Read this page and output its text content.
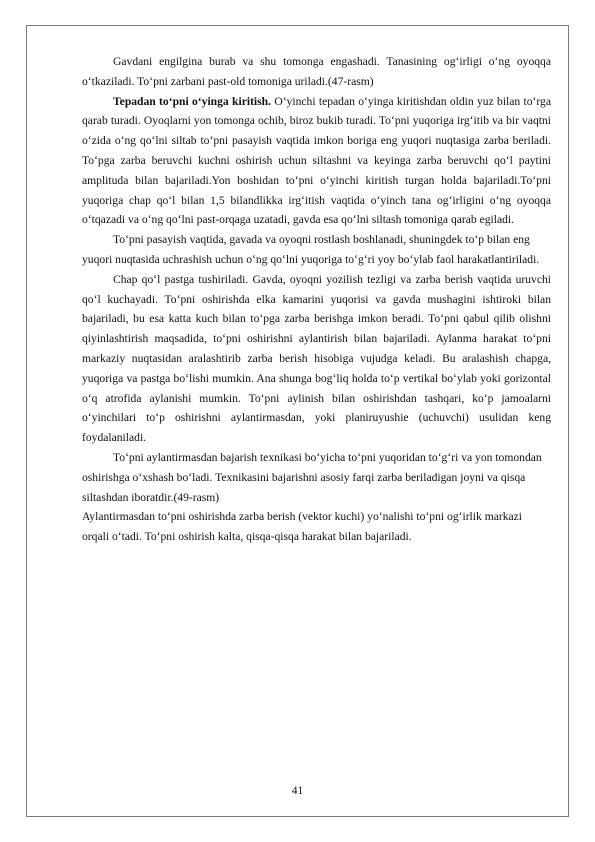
Gavdani engilgina burab va shu tomonga engashadi. Tanasining og‘irligi o‘ng oyoqqa o‘tkaziladi. To‘pni zarbani past-old tomoniga uriladi.(47-rasm)

Tepadan to‘pni o‘yinga kiritish. O‘yinchi tepadan o‘yinga kiritishdan oldin yuz bilan to‘rga qarab turadi. Oyoqlarni yon tomonga ochib, biroz bukib turadi. To‘pni yuqoriga irg‘itib va bir vaqtni o‘zida o‘ng qo‘lni siltab to‘pni pasayish vaqtida imkon boriga eng yuqori nuqtasiga zarba beriladi. To‘pga zarba beruvchi kuchni oshirish uchun siltashni va keyinga zarba beruvchi qo‘l paytini amplituda bilan bajariladi.Yon boshidan to‘pni o‘yinchi kiritish turgan holda bajariladi.To‘pni yuqoriga chap qo‘l bilan 1,5 bilandlikka irg‘itish vaqtida o‘yinch tana og‘irligini o‘ng oyoqqa o‘tqazadi va o‘ng qo‘lni past-orqaga uzatadi, gavda esa qo‘lni siltash tomoniga qarab egiladi.

To‘pni pasayish vaqtida, gavada va oyoqni rostlash boshlanadi, shuningdek to‘p bilan eng yuqori nuqtasida uchrashish uchun o‘ng qo‘lni yuqoriga to‘g‘ri yoy bo‘ylab faol harakatlantiriladi.

Chap qo‘l pastga tushiriladi. Gavda, oyoqni yozilish tezligi va zarba berish vaqtida uruvchi qo‘l kuchayadi. To‘pni oshirishda elka kamarini yuqorisi va gavda mushagini ishtiroki bilan bajariladi, bu esa katta kuch bilan to‘pga zarba berishga imkon beradi. To‘pni qabul qilib olishni qiyinlashtirish maqsadida, to‘pni oshirishni aylantirish bilan bajariladi. Aylanma harakat to‘pni markaziy nuqtasidan aralashtirib zarba berish hisobiga vujudga keladi. Bu aralashish chapga, yuqoriga va pastga bo‘lishi mumkin. Ana shunga bog‘liq holda to‘p vertikal bo‘ylab yoki gorizontal o‘q atrofida aylanishi mumkin. To‘pni aylinish bilan oshirishdan tashqari, ko‘p jamoalarni o‘yinchilari to‘p oshirishni aylantirmasdan, yoki planiruyushie (uchuvchi) usulidan keng foydalaniladi.

To‘pni aylantirmasdan bajarish texnikasi bo‘yicha to‘pni yuqoridan to‘g‘ri va yon tomondan oshirishga o‘xshash bo‘ladi. Texnikasini bajarishni asosiy farqi zarba beriladigan joyni va qisqa siltashdan iboratdir.(49-rasm)

Aylantirmasdan to‘pni oshirishda zarba berish (vektor kuchi) yo‘nalishi to‘pni og‘irlik markazi orqali o‘tadi. To‘pni oshirish kalta, qisqa-qisqa harakat bilan bajariladi.

41
